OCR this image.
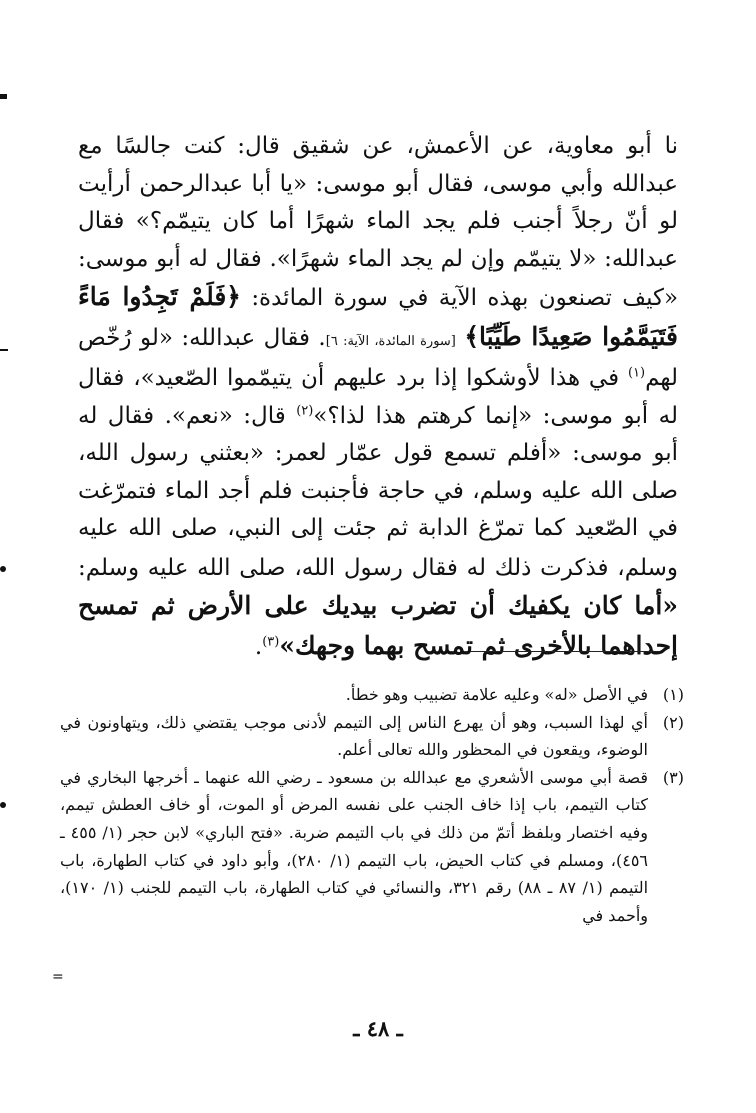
نا أبو معاوية، عن الأعمش، عن شقيق قال: كنت جالسًا مع عبدالله وأبي موسى، فقال أبو موسى: «يا أبا عبدالرحمن أرأيت لو أنّ رجلاً أجنب فلم يجد الماء شهرًا أما كان يتيمّم؟» فقال عبدالله: «لا يتيمّم وإن لم يجد الماء شهرًا». فقال له أبو موسى: «كيف تصنعون بهذه الآية في سورة المائدة: ﴿فَلَمْ تَجِدُوا مَاءً فَتَيَمَّمُوا صَعِيدًا طَيِّبًا﴾ [سورة المائدة، الآية: ٦]. فقال عبدالله: «لو رُخّص لهم$^{(١)}$ في هذا لأوشكوا إذا برد عليهم أن يتيمّموا الصّعيد»، فقال له أبو موسى: «إنما كرهتم هذا لذا؟»$^{(٢)}$ قال: «نعم». فقال له أبو موسى: «أفلم تسمع قول عمّار لعمر: «بعثني رسول الله، صلى الله عليه وسلم، في حاجة فأجنبت فلم أجد الماء فتمرّغت في الصّعيد كما تمرّغ الدابة ثم جئت إلى النبي، صلى الله عليه وسلم، فذكرت ذلك له فقال رسول الله، صلى الله عليه وسلم: «أما كان يكفيك أن تضرب بيديك على الأرض ثم تمسح إحداهما بالأخرى ثم تمسح بهما وجهك»$^{(٣)}$.

(١)
في الأصل «له» وعليه علامة تضبيب وهو خطأ.
(٢)
أي لهذا السبب، وهو أن يهرع الناس إلى التيمم لأدنى موجب يقتضي ذلك، ويتهاونون في الوضوء، ويقعون في المحظور والله تعالى أعلم.
(٣)
قصة أبي موسى الأشعري مع عبدالله بن مسعود ـ رضي الله عنهما ـ أخرجها البخاري في كتاب التيمم، باب إذا خاف الجنب على نفسه المرض أو الموت، أو خاف العطش تيمم، وفيه اختصار وبلفظ أتمّ من ذلك في باب التيمم ضربة. «فتح الباري» لابن حجر (١/ ٤٥٥ ـ ٤٥٦)، ومسلم في كتاب الحيض، باب التيمم (١/ ٢٨٠)، وأبو داود في كتاب الطهارة، باب التيمم (١/ ٨٧ ـ ٨٨) رقم ٣٢١، والنسائي في كتاب الطهارة، باب التيمم للجنب (١/ ١٧٠)، وأحمد في
=
ـ ٤٨ ـ
